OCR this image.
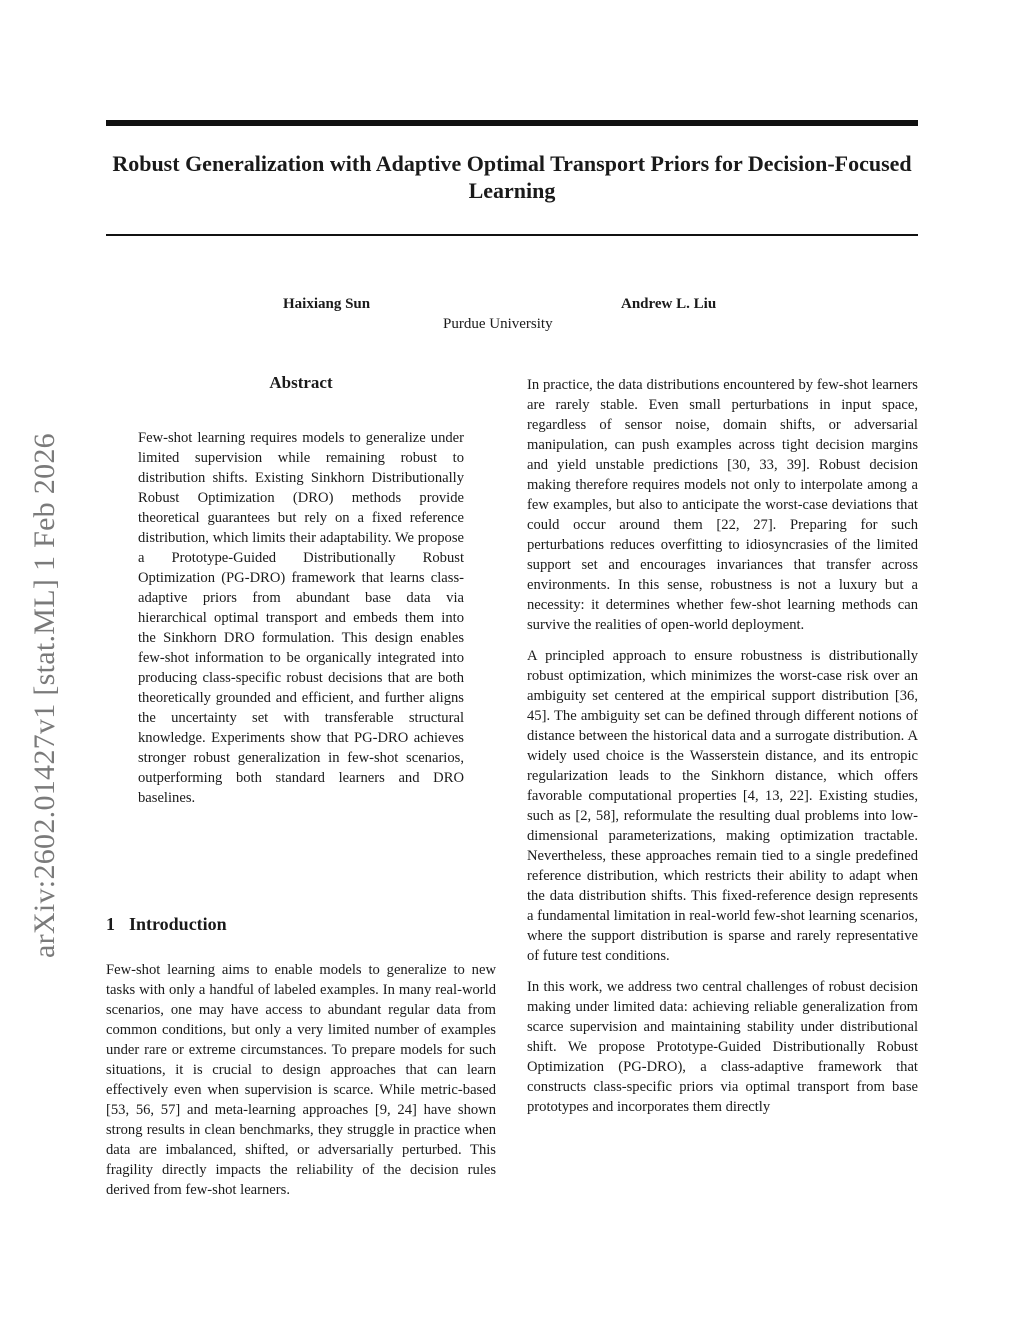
arXiv:2602.01427v1 [stat.ML] 1 Feb 2026
Robust Generalization with Adaptive Optimal Transport Priors for Decision-Focused Learning
Haixiang Sun	Andrew L. Liu
Purdue University
Abstract

Few-shot learning requires models to generalize under limited supervision while remaining robust to distribution shifts. Existing Sinkhorn Distributionally Robust Optimization (DRO) methods provide theoretical guarantees but rely on a fixed reference distribution, which limits their adaptability. We propose a Prototype-Guided Distributionally Robust Optimization (PG-DRO) framework that learns class-adaptive priors from abundant base data via hierarchical optimal transport and embeds them into the Sinkhorn DRO formulation. This design enables few-shot information to be organically integrated into producing class-specific robust decisions that are both theoretically grounded and efficient, and further aligns the uncertainty set with transferable structural knowledge. Experiments show that PG-DRO achieves stronger robust generalization in few-shot scenarios, outperforming both standard learners and DRO baselines.

1 Introduction

Few-shot learning aims to enable models to generalize to new tasks with only a handful of labeled examples. In many real-world scenarios, one may have access to abundant regular data from common conditions, but only a very limited number of examples under rare or extreme circumstances. To prepare models for such situations, it is crucial to design approaches that can learn effectively even when supervision is scarce. While metric-based [53, 56, 57] and meta-learning approaches [9, 24] have shown strong results in clean benchmarks, they struggle in practice when data are imbalanced, shifted, or adversarially perturbed. This fragility directly impacts the reliability of the decision rules derived from few-shot learners.

In practice, the data distributions encountered by few-shot learners are rarely stable. Even small perturbations in input space, regardless of sensor noise, domain shifts, or adversarial manipulation, can push examples across tight decision margins and yield unstable predictions [30, 33, 39]. Robust decision making therefore requires models not only to interpolate among a few examples, but also to anticipate the worst-case deviations that could occur around them [22, 27]. Preparing for such perturbations reduces overfitting to idiosyncrasies of the limited support set and encourages invariances that transfer across environments. In this sense, robustness is not a luxury but a necessity: it determines whether few-shot learning methods can survive the realities of open-world deployment.

A principled approach to ensure robustness is distributionally robust optimization, which minimizes the worst-case risk over an ambiguity set centered at the empirical support distribution [36, 45]. The ambiguity set can be defined through different notions of distance between the historical data and a surrogate distribution. A widely used choice is the Wasserstein distance, and its entropic regularization leads to the Sinkhorn distance, which offers favorable computational properties [4, 13, 22]. Existing studies, such as [2, 58], reformulate the resulting dual problems into low-dimensional parameterizations, making optimization tractable. Nevertheless, these approaches remain tied to a single predefined reference distribution, which restricts their ability to adapt when the data distribution shifts. This fixed-reference design represents a fundamental limitation in real-world few-shot learning scenarios, where the support distribution is sparse and rarely representative of future test conditions.

In this work, we address two central challenges of robust decision making under limited data: achieving reliable generalization from scarce supervision and maintaining stability under distributional shift. We propose Prototype-Guided Distributionally Robust Optimization (PG-DRO), a class-adaptive framework that constructs class-specific priors via optimal transport from base prototypes and incorporates them directly
